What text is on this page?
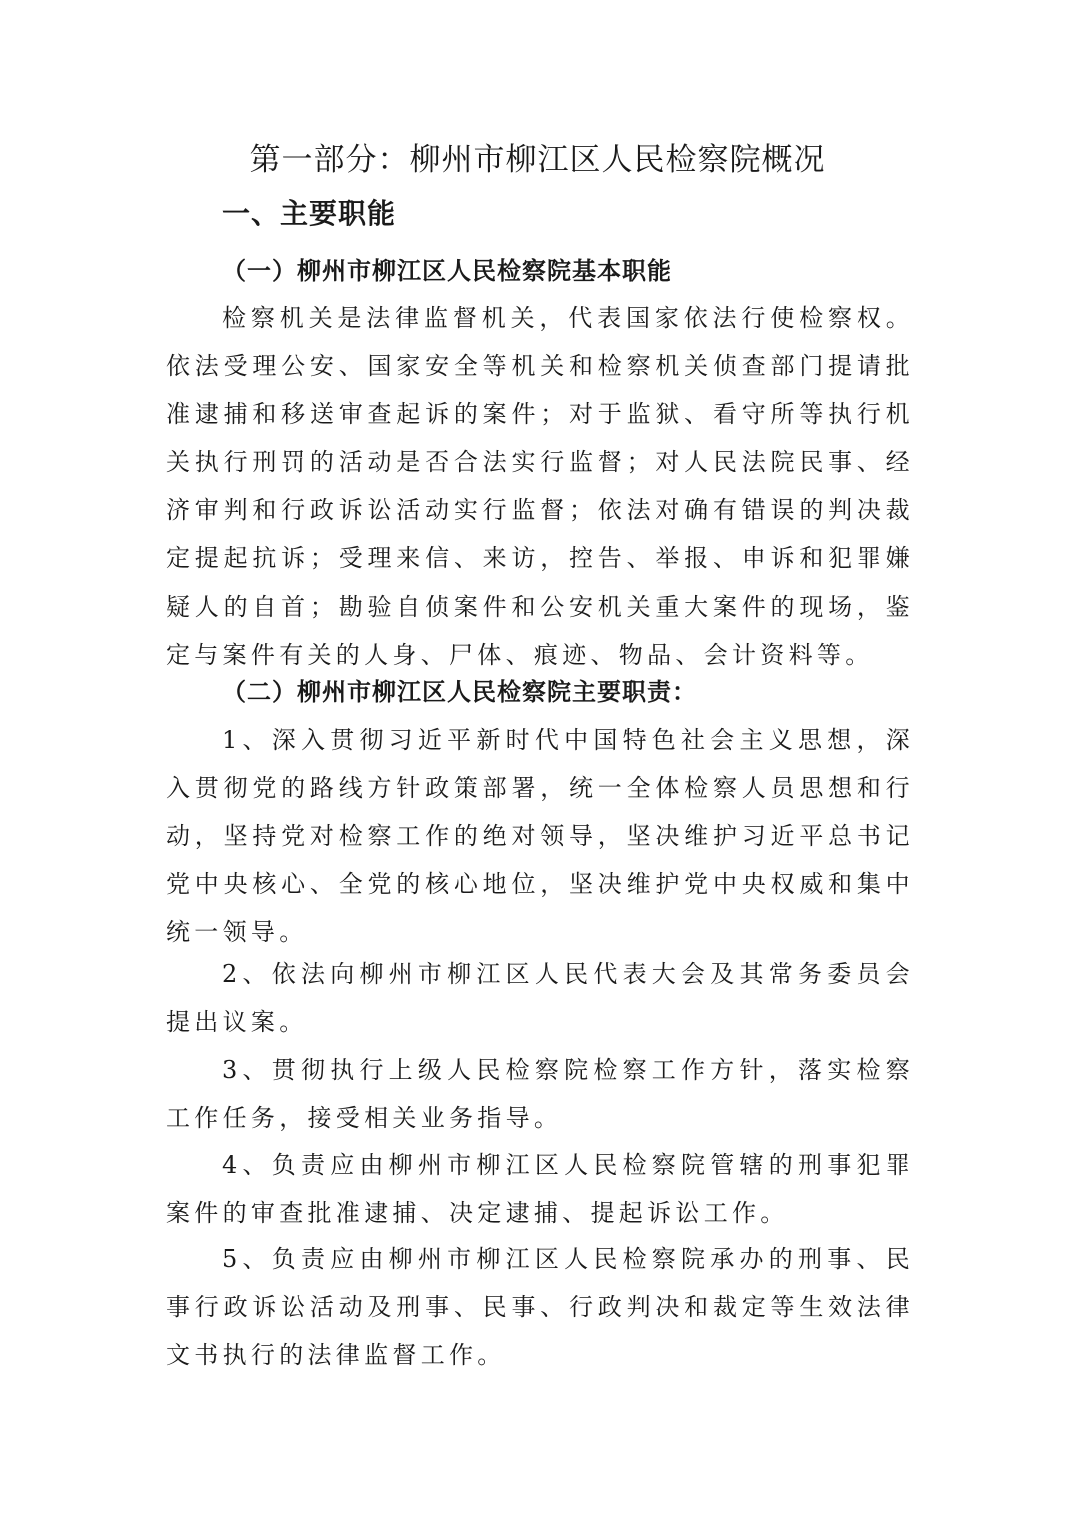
第一部分：柳州市柳江区人民检察院概况
一、主要职能
（一）柳州市柳江区人民检察院基本职能

检察机关是法律监督机关，代表国家依法行使检察权。依法受理公安、国家安全等机关和检察机关侦查部门提请批准逮捕和移送审查起诉的案件；对于监狱、看守所等执行机关执行刑罚的活动是否合法实行监督；对人民法院民事、经济审判和行政诉讼活动实行监督；依法对确有错误的判决裁定提起抗诉；受理来信、来访，控告、举报、申诉和犯罪嫌疑人的自首；勘验自侦案件和公安机关重大案件的现场，鉴定与案件有关的人身、尸体、痕迹、物品、会计资料等。

（二）柳州市柳江区人民检察院主要职责：

1、深入贯彻习近平新时代中国特色社会主义思想，深入贯彻党的路线方针政策部署，统一全体检察人员思想和行动，坚持党对检察工作的绝对领导，坚决维护习近平总书记党中央核心、全党的核心地位，坚决维护党中央权威和集中统一领导。

2、依法向柳州市柳江区人民代表大会及其常务委员会提出议案。

3、贯彻执行上级人民检察院检察工作方针，落实检察工作任务，接受相关业务指导。

4、负责应由柳州市柳江区人民检察院管辖的刑事犯罪案件的审查批准逮捕、决定逮捕、提起诉讼工作。

5、负责应由柳州市柳江区人民检察院承办的刑事、民事行政诉讼活动及刑事、民事、行政判决和裁定等生效法律文书执行的法律监督工作。
